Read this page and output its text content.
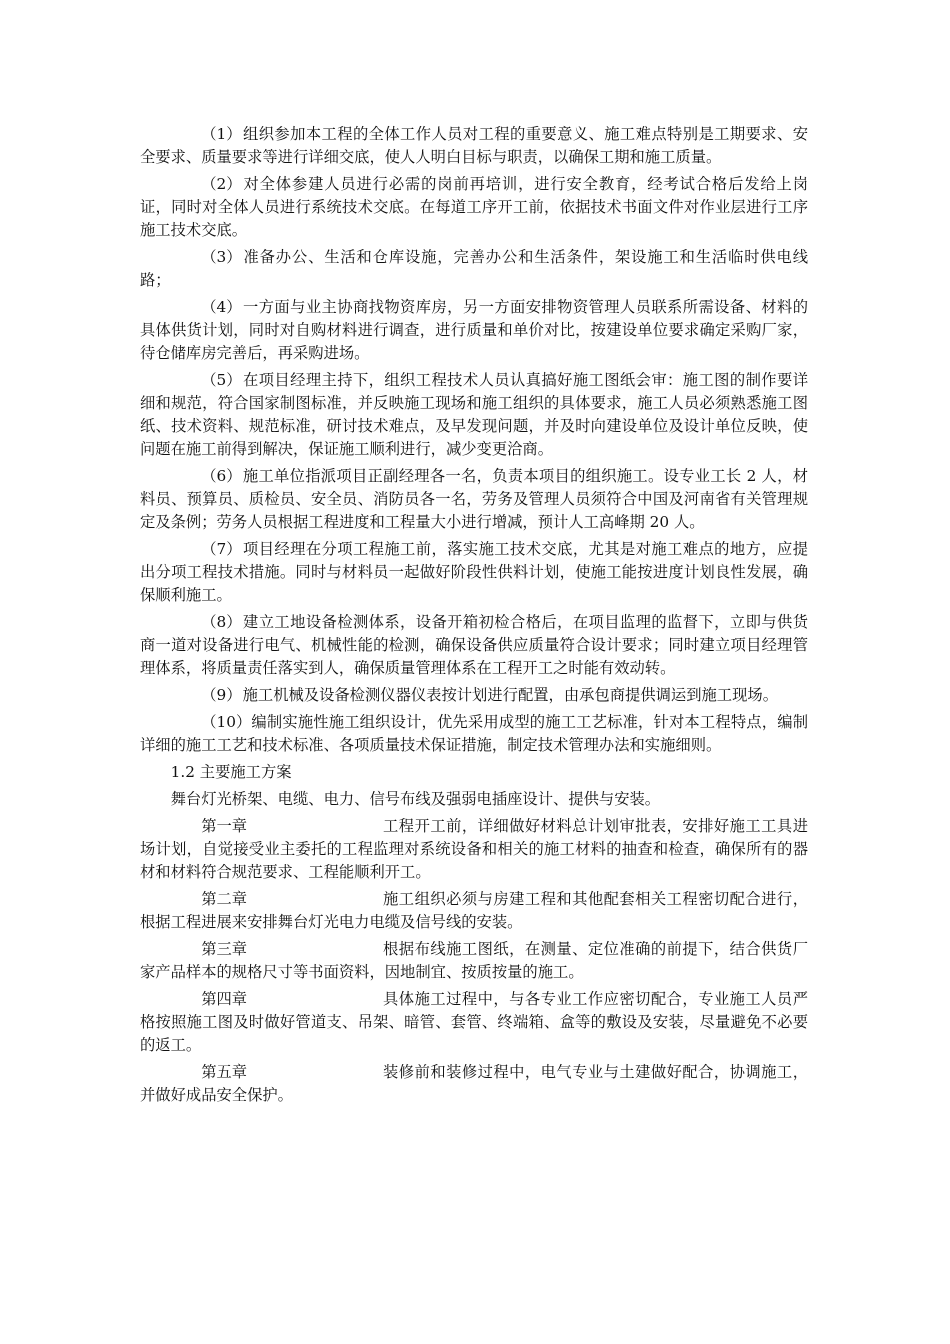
（1）组织参加本工程的全体工作人员对工程的重要意义、施工难点特别是工期要求、安全要求、质量要求等进行详细交底，使人人明白目标与职责，以确保工期和施工质量。

（2）对全体参建人员进行必需的岗前再培训，进行安全教育，经考试合格后发给上岗证，同时对全体人员进行系统技术交底。在每道工序开工前，依据技术书面文件对作业层进行工序施工技术交底。

（3）准备办公、生活和仓库设施，完善办公和生活条件，架设施工和生活临时供电线路；

（4）一方面与业主协商找物资库房，另一方面安排物资管理人员联系所需设备、材料的具体供货计划，同时对自购材料进行调查，进行质量和单价对比，按建设单位要求确定采购厂家，待仓储库房完善后，再采购进场。

（5）在项目经理主持下，组织工程技术人员认真搞好施工图纸会审：施工图的制作要详细和规范，符合国家制图标准，并反映施工现场和施工组织的具体要求，施工人员必须熟悉施工图纸、技术资料、规范标准，研讨技术难点，及早发现问题，并及时向建设单位及设计单位反映，使问题在施工前得到解决，保证施工顺利进行，减少变更洽商。

（6）施工单位指派项目正副经理各一名，负责本项目的组织施工。设专业工长 2 人，材料员、预算员、质检员、安全员、消防员各一名，劳务及管理人员须符合中国及河南省有关管理规定及条例；劳务人员根据工程进度和工程量大小进行增减，预计人工高峰期 20 人。

（7）项目经理在分项工程施工前，落实施工技术交底，尤其是对施工难点的地方，应提出分项工程技术措施。同时与材料员一起做好阶段性供料计划，使施工能按进度计划良性发展，确保顺利施工。

（8）建立工地设备检测体系，设备开箱初检合格后，在项目监理的监督下，立即与供货商一道对设备进行电气、机械性能的检测，确保设备供应质量符合设计要求；同时建立项目经理管理体系，将质量责任落实到人，确保质量管理体系在工程开工之时能有效动转。

（9）施工机械及设备检测仪器仪表按计划进行配置，由承包商提供调运到施工现场。

（10）编制实施性施工组织设计，优先采用成型的施工工艺标准，针对本工程特点，编制详细的施工工艺和技术标准、各项质量技术保证措施，制定技术管理办法和实施细则。

1.2 主要施工方案

舞台灯光桥架、电缆、电力、信号布线及强弱电插座设计、提供与安装。

第一章	工程开工前，详细做好材料总计划审批表，安排好施工工具进场计划，自觉接受业主委托的工程监理对系统设备和相关的施工材料的抽查和检查，确保所有的器材和材料符合规范要求、工程能顺利开工。

第二章	施工组织必须与房建工程和其他配套相关工程密切配合进行，根据工程进展来安排舞台灯光电力电缆及信号线的安装。

第三章	根据布线施工图纸，在测量、定位准确的前提下，结合供货厂家产品样本的规格尺寸等书面资料，因地制宜、按质按量的施工。

第四章	具体施工过程中，与各专业工作应密切配合，专业施工人员严格按照施工图及时做好管道支、吊架、暗管、套管、终端箱、盒等的敷设及安装，尽量避免不必要的返工。

第五章	装修前和装修过程中，电气专业与土建做好配合，协调施工，并做好成品安全保护。
